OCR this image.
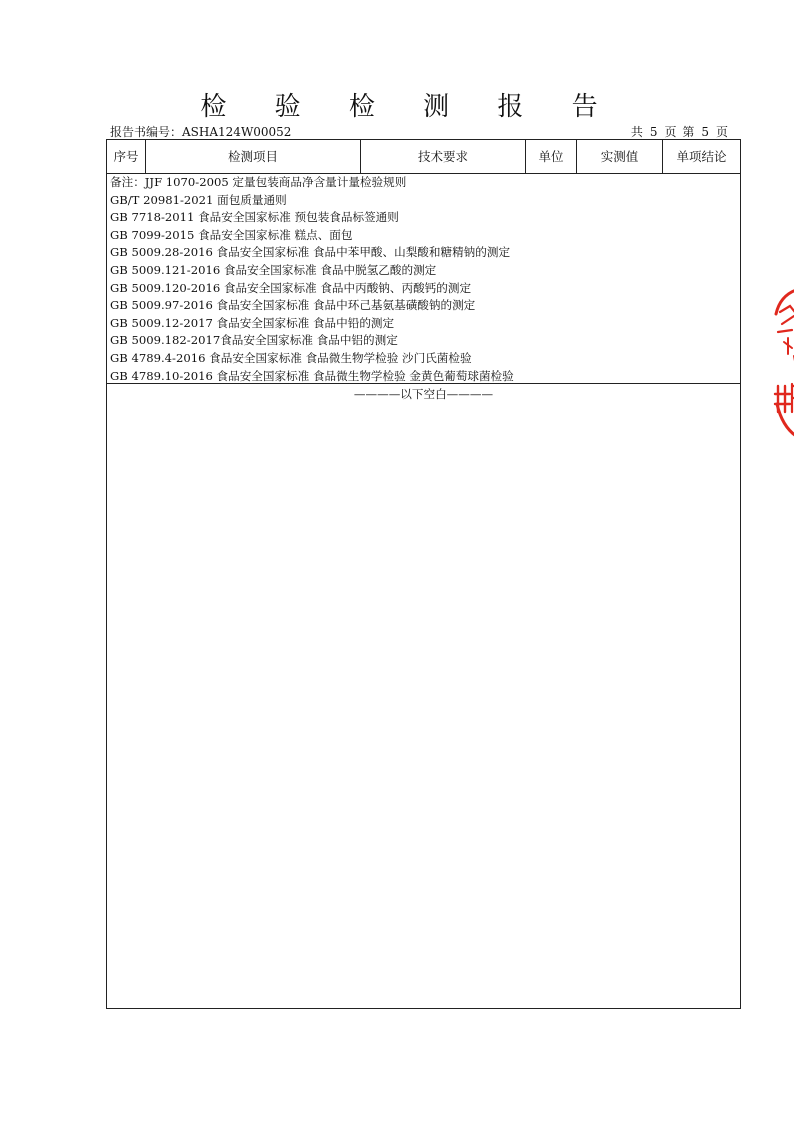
检 验 检 测 报 告
报告书编号：ASHA124W00052	共 5 页 第 5 页
序号	检测项目	技术要求	单位	实测值	单项结论
备注：JJF 1070-2005 定量包装商品净含量计量检验规则
GB/T 20981-2021 面包质量通则
GB 7718-2011 食品安全国家标准 预包装食品标签通则
GB 7099-2015 食品安全国家标准 糕点、面包
GB 5009.28-2016 食品安全国家标准 食品中苯甲酸、山梨酸和糖精钠的测定
GB 5009.121-2016 食品安全国家标准 食品中脱氢乙酸的测定
GB 5009.120-2016 食品安全国家标准 食品中丙酸钠、丙酸钙的测定
GB 5009.97-2016 食品安全国家标准 食品中环己基氨基磺酸钠的测定
GB 5009.12-2017 食品安全国家标准 食品中铅的测定
GB 5009.182-2017食品安全国家标准 食品中铝的测定
GB 4789.4-2016 食品安全国家标准 食品微生物学检验 沙门氏菌检验
GB 4789.10-2016 食品安全国家标准 食品微生物学检验 金黄色葡萄球菌检验
————以下空白————
